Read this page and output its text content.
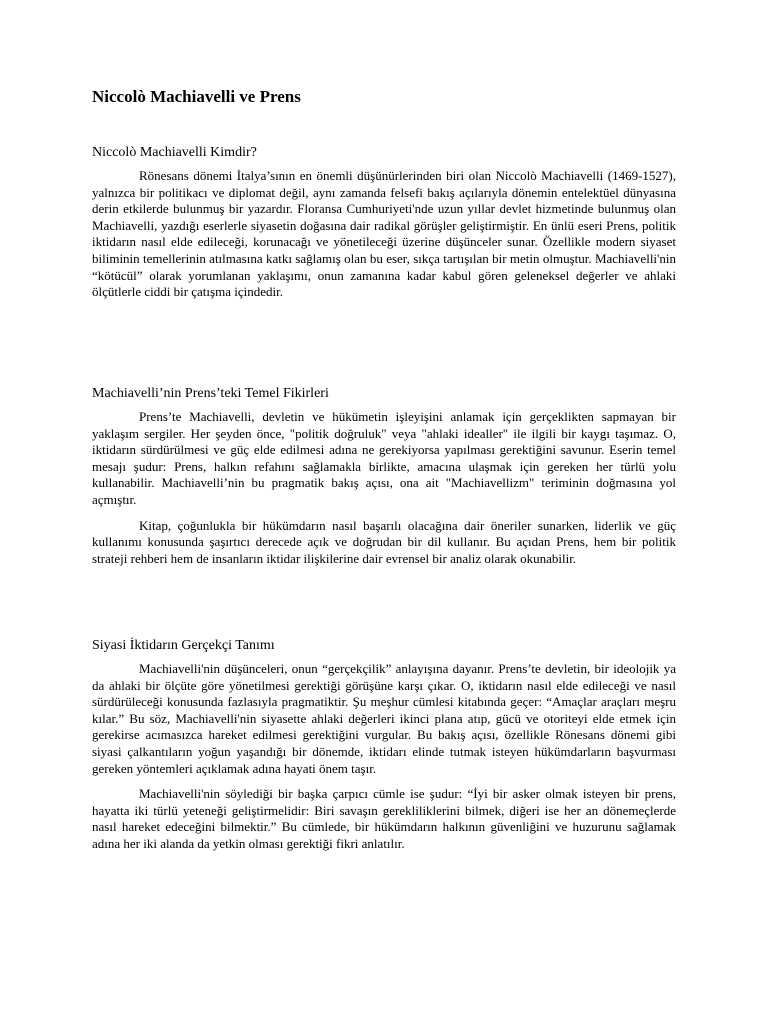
Niccolò Machiavelli ve Prens
Niccolò Machiavelli Kimdir?

Rönesans dönemi İtalya’sının en önemli düşünürlerinden biri olan Niccolò Machiavelli (1469-1527), yalnızca bir politikacı ve diplomat değil, aynı zamanda felsefi bakış açılarıyla dönemin entelektüel dünyasına derin etkilerde bulunmuş bir yazardır. Floransa Cumhuriyeti'nde uzun yıllar devlet hizmetinde bulunmuş olan Machiavelli, yazdığı eserlerle siyasetin doğasına dair radikal görüşler geliştirmiştir. En ünlü eseri Prens, politik iktidarın nasıl elde edileceği, korunacağı ve yönetileceği üzerine düşünceler sunar. Özellikle modern siyaset biliminin temellerinin atılmasına katkı sağlamış olan bu eser, sıkça tartışılan bir metin olmuştur. Machiavelli'nin “kötücül” olarak yorumlanan yaklaşımı, onun zamanına kadar kabul gören geleneksel değerler ve ahlaki ölçütlerle ciddi bir çatışma içindedir.

Machiavelli’nin Prens’teki Temel Fikirleri

Prens’te Machiavelli, devletin ve hükümetin işleyişini anlamak için gerçeklikten sapmayan bir yaklaşım sergiler. Her şeyden önce, "politik doğruluk" veya "ahlaki idealler" ile ilgili bir kaygı taşımaz. O, iktidarın sürdürülmesi ve güç elde edilmesi adına ne gerekiyorsa yapılması gerektiğini savunur. Eserin temel mesajı şudur: Prens, halkın refahını sağlamakla birlikte, amacına ulaşmak için gereken her türlü yolu kullanabilir. Machiavelli’nin bu pragmatik bakış açısı, ona ait "Machiavellizm" teriminin doğmasına yol açmıştır.

Kitap, çoğunlukla bir hükümdarın nasıl başarılı olacağına dair öneriler sunarken, liderlik ve güç kullanımı konusunda şaşırtıcı derecede açık ve doğrudan bir dil kullanır. Bu açıdan Prens, hem bir politik strateji rehberi hem de insanların iktidar ilişkilerine dair evrensel bir analiz olarak okunabilir.

Siyasi İktidarın Gerçekçi Tanımı

Machiavelli'nin düşünceleri, onun “gerçekçilik” anlayışına dayanır. Prens’te devletin, bir ideolojik ya da ahlaki bir ölçüte göre yönetilmesi gerektiği görüşüne karşı çıkar. O, iktidarın nasıl elde edileceği ve nasıl sürdürüleceği konusunda fazlasıyla pragmatiktir. Şu meşhur cümlesi kitabında geçer: “Amaçlar araçları meşru kılar.” Bu söz, Machiavelli'nin siyasette ahlaki değerleri ikinci plana atıp, gücü ve otoriteyi elde etmek için gerekirse acımasızca hareket edilmesi gerektiğini vurgular. Bu bakış açısı, özellikle Rönesans dönemi gibi siyasi çalkantıların yoğun yaşandığı bir dönemde, iktidarı elinde tutmak isteyen hükümdarların başvurması gereken yöntemleri açıklamak adına hayati önem taşır.

Machiavelli'nin söylediği bir başka çarpıcı cümle ise şudur: “İyi bir asker olmak isteyen bir prens, hayatta iki türlü yeteneği geliştirmelidir: Biri savaşın gerekliliklerini bilmek, diğeri ise her an dönemeçlerde nasıl hareket edeceğini bilmektir.” Bu cümlede, bir hükümdarın halkının güvenliğini ve huzurunu sağlamak adına her iki alanda da yetkin olması gerektiği fikri anlatılır.
